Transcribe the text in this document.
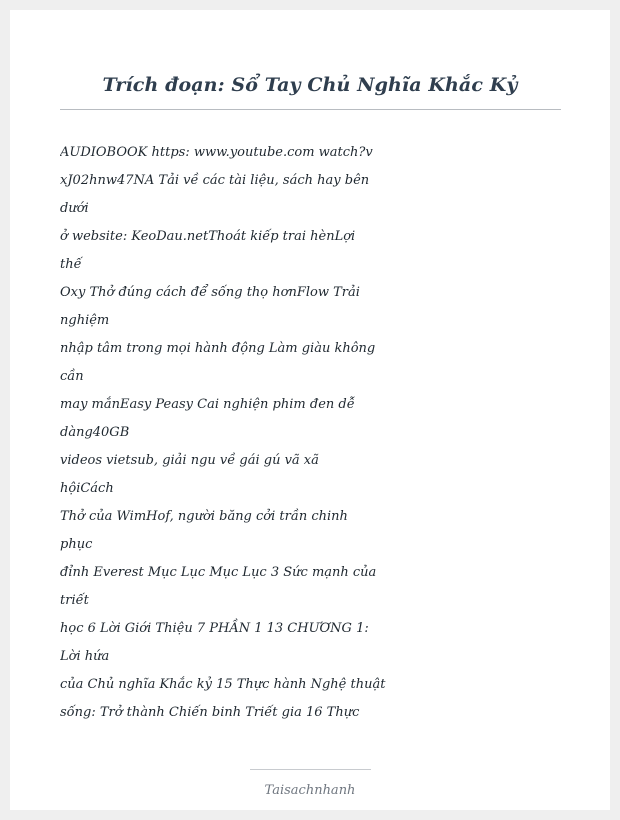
Trích đoạn: Sổ Tay Chủ Nghĩa Khắc Kỷ
AUDIOBOOK https: www.youtube.com watch?v
xJ02hnw47NA Tải về các tài liệu, sách hay bên
dưới
ở website: KeoDau.netThoát kiếp trai hènLợi
thế
Oxy Thở đúng cách để sống thọ hơnFlow Trải
nghiệm
nhập tâm trong mọi hành động Làm giàu không
cần
may mắnEasy Peasy Cai nghiện phim đen dễ
dàng40GB
videos vietsub, giải ngu về gái gú vã xã
hộiCách
Thở của WimHof, người băng cởi trần chinh
phục
đỉnh Everest Mục Lục Mục Lục 3 Sức mạnh của
triết
học 6 Lời Giới Thiệu 7 PHẦN 1 13 CHƯƠNG 1:
Lời hứa
của Chủ nghĩa Khắc kỷ 15 Thực hành Nghệ thuật
sống: Trở thành Chiến binh Triết gia 16 Thực
Taisachnhanh
